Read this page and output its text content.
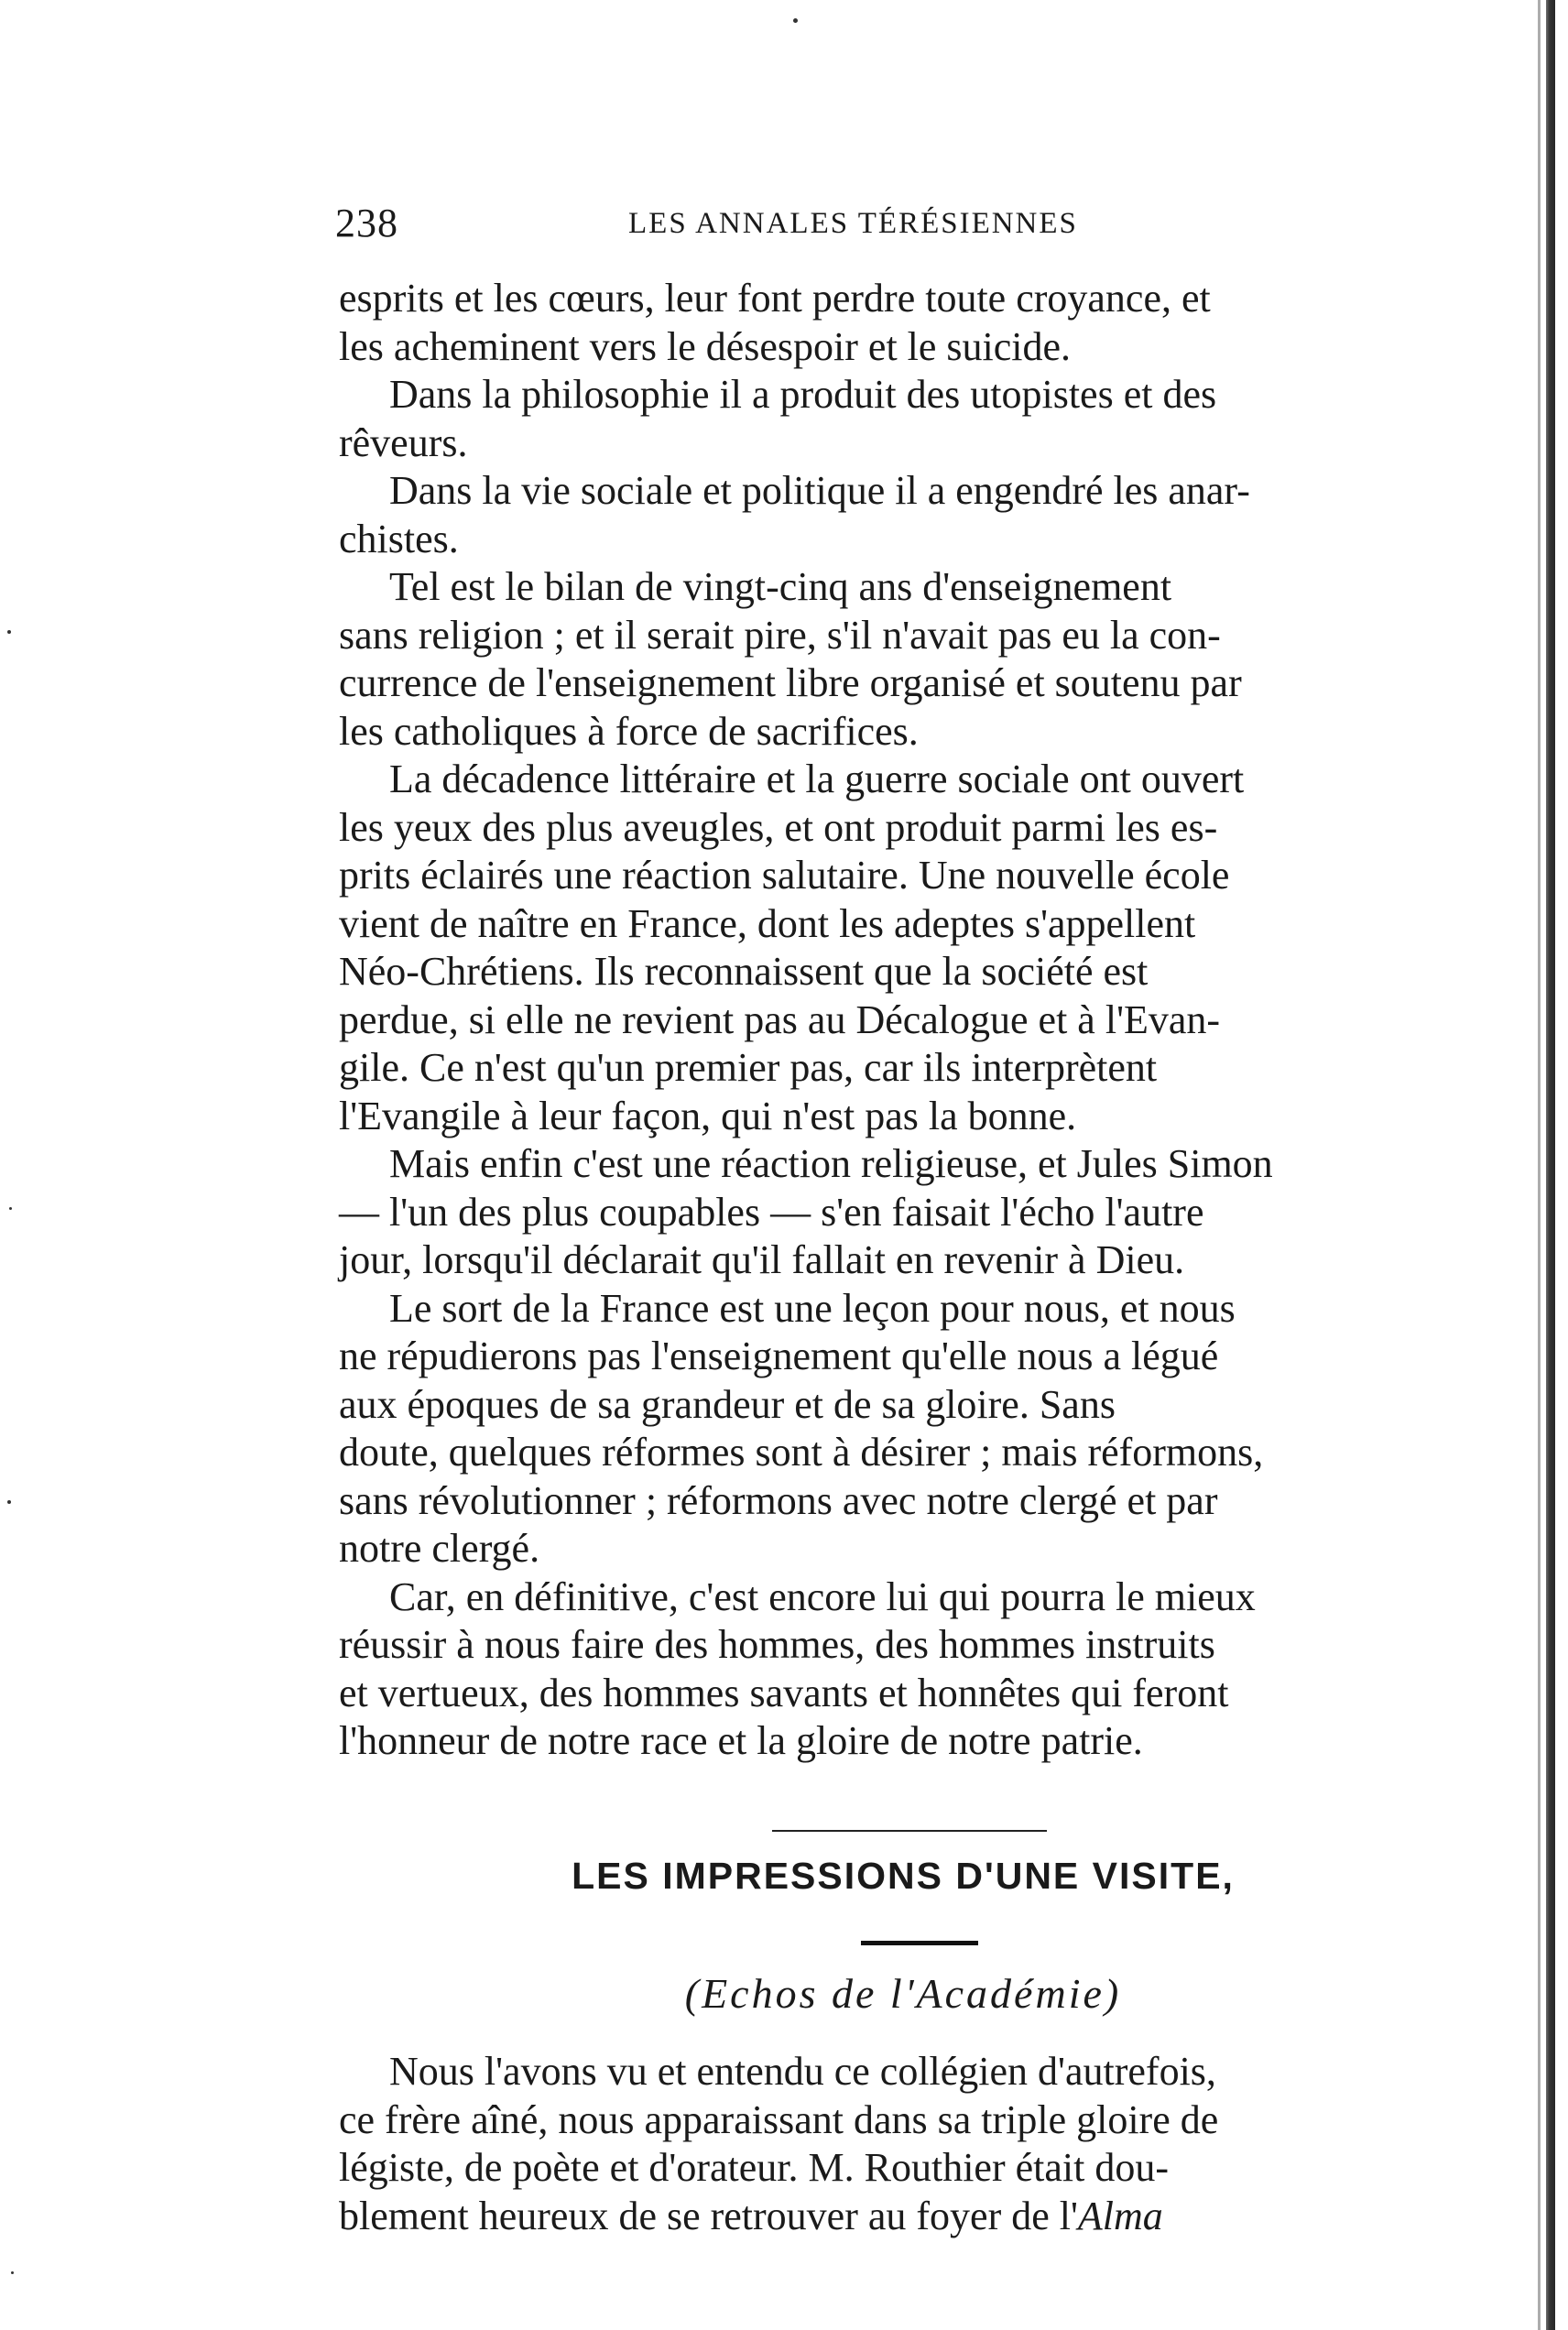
238	LES ANNALES TÉRÉSIENNES

esprits et les cœurs, leur font perdre toute croyance, et
les acheminent vers le désespoir et le suicide.

Dans la philosophie il a produit des utopistes et des
rêveurs.

Dans la vie sociale et politique il a engendré les anar-
chistes.

Tel est le bilan de vingt-cinq ans d'enseignement
sans religion ; et il serait pire, s'il n'avait pas eu la con-
currence de l'enseignement libre organisé et soutenu par
les catholiques à force de sacrifices.

La décadence littéraire et la guerre sociale ont ouvert
les yeux des plus aveugles, et ont produit parmi les es-
prits éclairés une réaction salutaire. Une nouvelle école
vient de naître en France, dont les adeptes s'appellent
Néo-Chrétiens. Ils reconnaissent que la société est
perdue, si elle ne revient pas au Décalogue et à l'Evan-
gile. Ce n'est qu'un premier pas, car ils interprètent
l'Evangile à leur façon, qui n'est pas la bonne.

Mais enfin c'est une réaction religieuse, et Jules Simon
— l'un des plus coupables — s'en faisait l'écho l'autre
jour, lorsqu'il déclarait qu'il fallait en revenir à Dieu.

Le sort de la France est une leçon pour nous, et nous
ne répudierons pas l'enseignement qu'elle nous a légué
aux époques de sa grandeur et de sa gloire. Sans
doute, quelques réformes sont à désirer ; mais réformons,
sans révolutionner ; réformons avec notre clergé et par
notre clergé.

Car, en définitive, c'est encore lui qui pourra le mieux
réussir à nous faire des hommes, des hommes instruits
et vertueux, des hommes savants et honnêtes qui feront
l'honneur de notre race et la gloire de notre patrie.

LES IMPRESSIONS D'UNE VISITE,
(Echos de l'Académie)

Nous l'avons vu et entendu ce collégien d'autrefois,
ce frère aîné, nous apparaissant dans sa triple gloire de
légiste, de poète et d'orateur. M. Routhier était dou-
blement heureux de se retrouver au foyer de l'Alma
